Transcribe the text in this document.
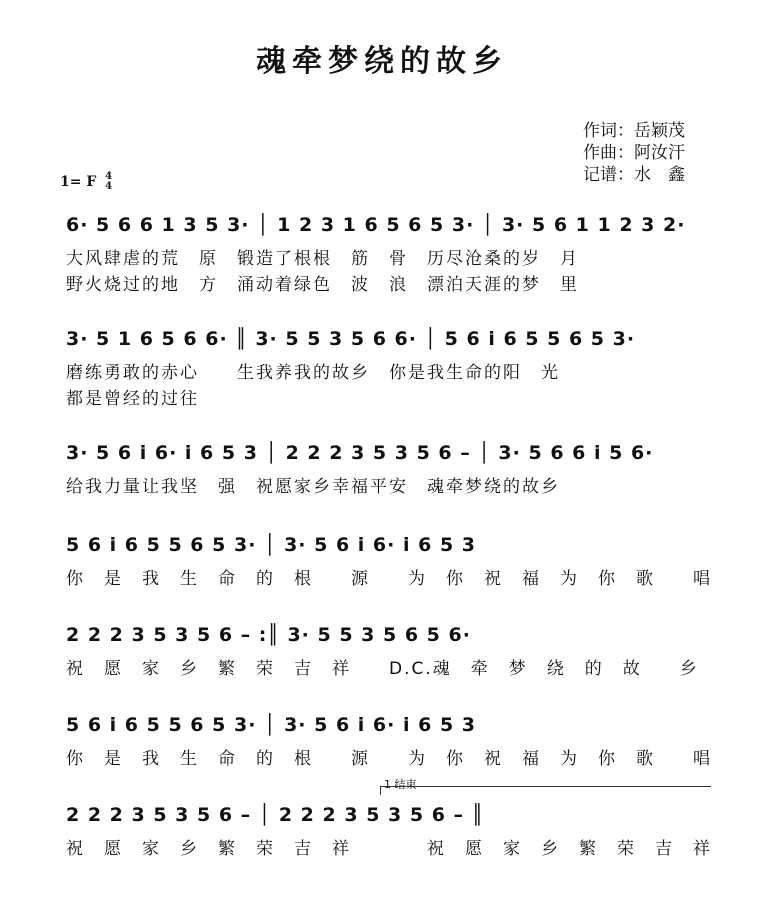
魂牵梦绕的故乡
作词：岳颖茂
作曲：阿汝汗
记谱：水　鑫
1= F 4
4
6· 5 6 6 1 3 5 3· │ 1 2 3 1 6 5 6 5 3· │ 3· 5 6 1 1 2 3 2·
大风肆虐的荒　原　锻造了根根　筋　骨　历尽沧桑的岁　月
野火烧过的地　方　涌动着绿色　波　浪　漂泊天涯的梦　里
3· 5 1 6 5 6 6· ║ 3· 5 5 3 5 6 6· │ 5 6 i 6 5 5 6 5 3·
磨练勇敢的赤心　　生我养我的故乡　你是我生命的阳　光
都是曾经的过往
3· 5 6 i 6· i 6 5 3 │ 2 2 2 3 5 3 5 6 – │ 3· 5 6 6 i 5 6·
给我力量让我坚　强　祝愿家乡幸福平安　魂牵梦绕的故乡
5 6 i 6 5 5 6 5 3· │ 3· 5 6 i 6· i 6 5 3
你　是　我　生　命　的　根　　源　　为　你　祝　福　为　你　歌　　唱
2 2 2 3 5 3 5 6 – :║ 3· 5 5 3 5 6 5 6·
祝　愿　家　乡　繁　荣　吉　祥　　D.C.魂　牵　梦　绕　的　故　　乡
5 6 i 6 5 5 6 5 3· │ 3· 5 6 i 6· i 6 5 3
你　是　我　生　命　的　根　　源　　为　你　祝　福　为　你　歌　　唱
1 结束
2 2 2 3 5 3 5 6 – │ 2 2 2 3 5 3 5 6 – ║
祝　愿　家　乡　繁　荣　吉　祥　　　　祝　愿　家　乡　繁　荣　吉　祥
